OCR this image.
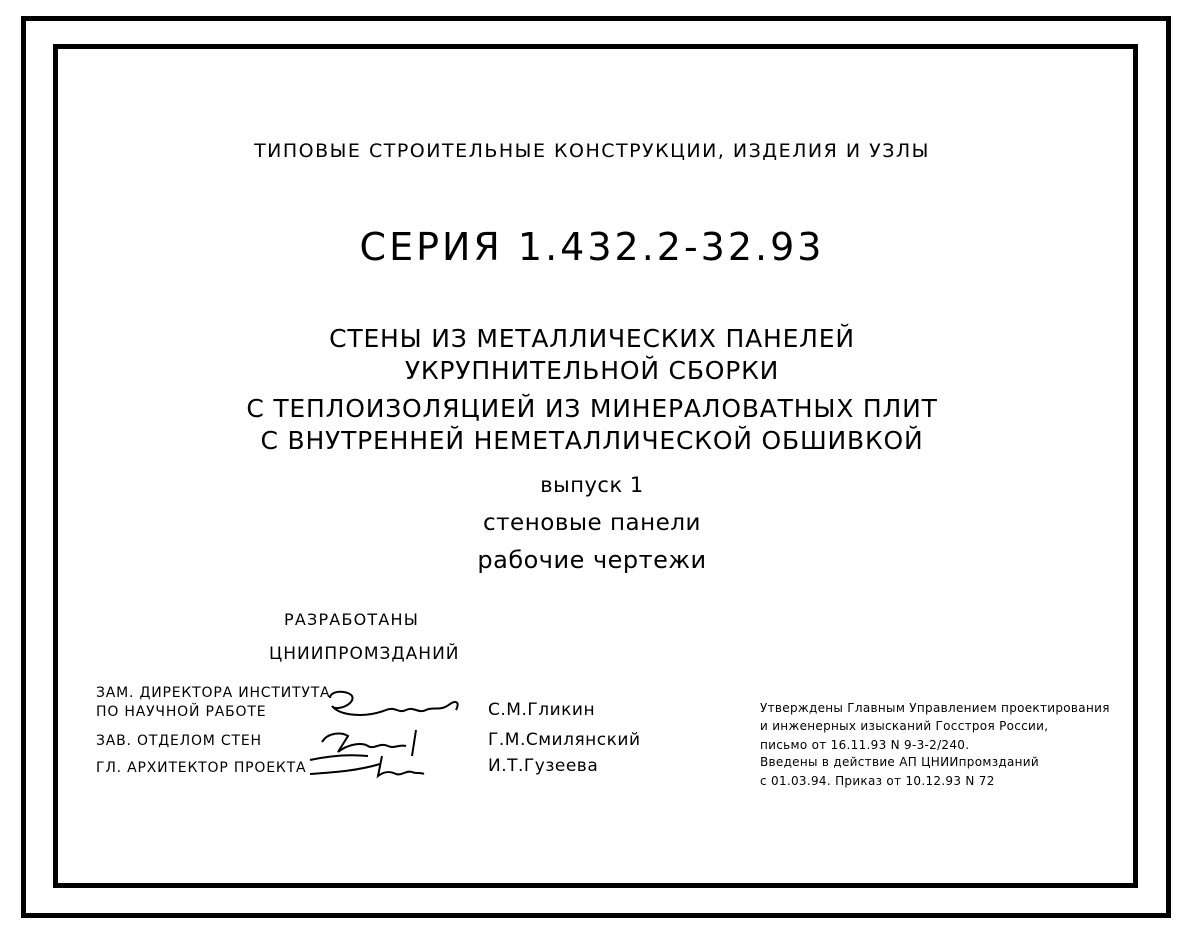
ТИПОВЫЕ СТРОИТЕЛЬНЫЕ КОНСТРУКЦИИ, ИЗДЕЛИЯ И УЗЛЫ
СЕРИЯ 1.432.2-32.93
СТЕНЫ ИЗ МЕТАЛЛИЧЕСКИХ ПАНЕЛЕЙ
УКРУПНИТЕЛЬНОЙ СБОРКИ
С ТЕПЛОИЗОЛЯЦИЕЙ ИЗ МИНЕРАЛОВАТНЫХ ПЛИТ
С ВНУТРЕННЕЙ НЕМЕТАЛЛИЧЕСКОЙ ОБШИВКОЙ
выпуск 1
стеновые панели
рабочие чертежи
РАЗРАБОТАНЫ
ЦНИИПРОМЗДАНИЙ
ЗАМ. ДИРЕКТОРА ИНСТИТУТА
ПО НАУЧНОЙ РАБОТЕ
ЗАВ. ОТДЕЛОМ СТЕН
ГЛ. АРХИТЕКТОР ПРОЕКТА
С.М.Гликин
Г.М.Смилянский
И.Т.Гузеева
Утверждены Главным Управлением проектирования
и инженерных изысканий Госстроя России,
письмо от 16.11.93 N 9-3-2/240.
Введены в действие АП ЦНИИпромзданий
с 01.03.94. Приказ от 10.12.93 N 72
